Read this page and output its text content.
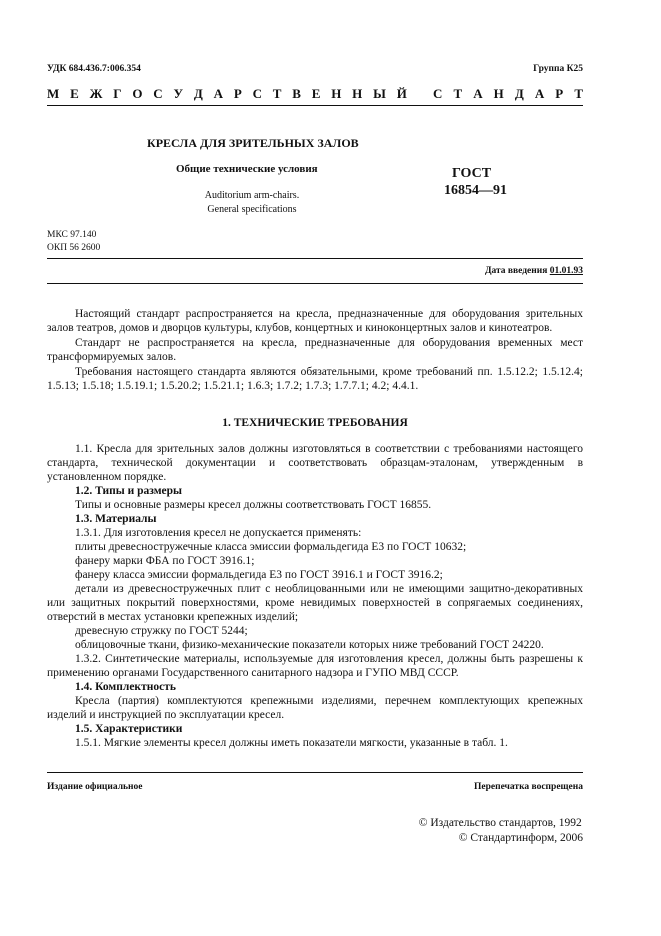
УДК 684.436.7:006.354	Группа К25
М Е Ж Г О С У Д А Р С Т В Е Н Н Ы Й С Т А Н Д А Р Т
КРЕСЛА ДЛЯ ЗРИТЕЛЬНЫХ ЗАЛОВ
Общие технические условия
Auditorium arm-chairs.
General specifications
ГОСТ
16854—91
МКС 97.140
ОКП 56 2600
Дата введения 01.01.93

Настоящий стандарт распространяется на кресла, предназначенные для оборудования зрительных залов театров, домов и дворцов культуры, клубов, концертных и киноконцертных залов и кинотеатров.

Стандарт не распространяется на кресла, предназначенные для оборудования временных мест трансформируемых залов.

Требования настоящего стандарта являются обязательными, кроме требований пп. 1.5.12.2; 1.5.12.4; 1.5.13; 1.5.18; 1.5.19.1; 1.5.20.2; 1.5.21.1; 1.6.3; 1.7.2; 1.7.3; 1.7.7.1; 4.2; 4.4.1.

1. ТЕХНИЧЕСКИЕ ТРЕБОВАНИЯ

1.1. Кресла для зрительных залов должны изготовляться в соответствии с требованиями настоящего стандарта, технической документации и соответствовать образцам-эталонам, утвержденным в установленном порядке.

1.2. Типы и размеры

Типы и основные размеры кресел должны соответствовать ГОСТ 16855.

1.3. Материалы

1.3.1. Для изготовления кресел не допускается применять:

плиты древесностружечные класса эмиссии формальдегида Е3 по ГОСТ 10632;

фанеру марки ФБА по ГОСТ 3916.1;

фанеру класса эмиссии формальдегида Е3 по ГОСТ 3916.1 и ГОСТ 3916.2;

детали из древесностружечных плит с необлицованными или не имеющими защитно-декоративных или защитных покрытий поверхностями, кроме невидимых поверхностей в сопрягаемых соединениях, отверстий в местах установки крепежных изделий;

древесную стружку по ГОСТ 5244;

облицовочные ткани, физико-механические показатели которых ниже требований ГОСТ 24220.

1.3.2. Синтетические материалы, используемые для изготовления кресел, должны быть разрешены к применению органами Государственного санитарного надзора и ГУПО МВД СССР.

1.4. Комплектность

Кресла (партия) комплектуются крепежными изделиями, перечнем комплектующих крепежных изделий и инструкцией по эксплуатации кресел.

1.5. Характеристики

1.5.1. Мягкие элементы кресел должны иметь показатели мягкости, указанные в табл. 1.

Издание официальное	Перепечатка воспрещена
© Издательство стандартов, 1992
© Стандартинформ, 2006
